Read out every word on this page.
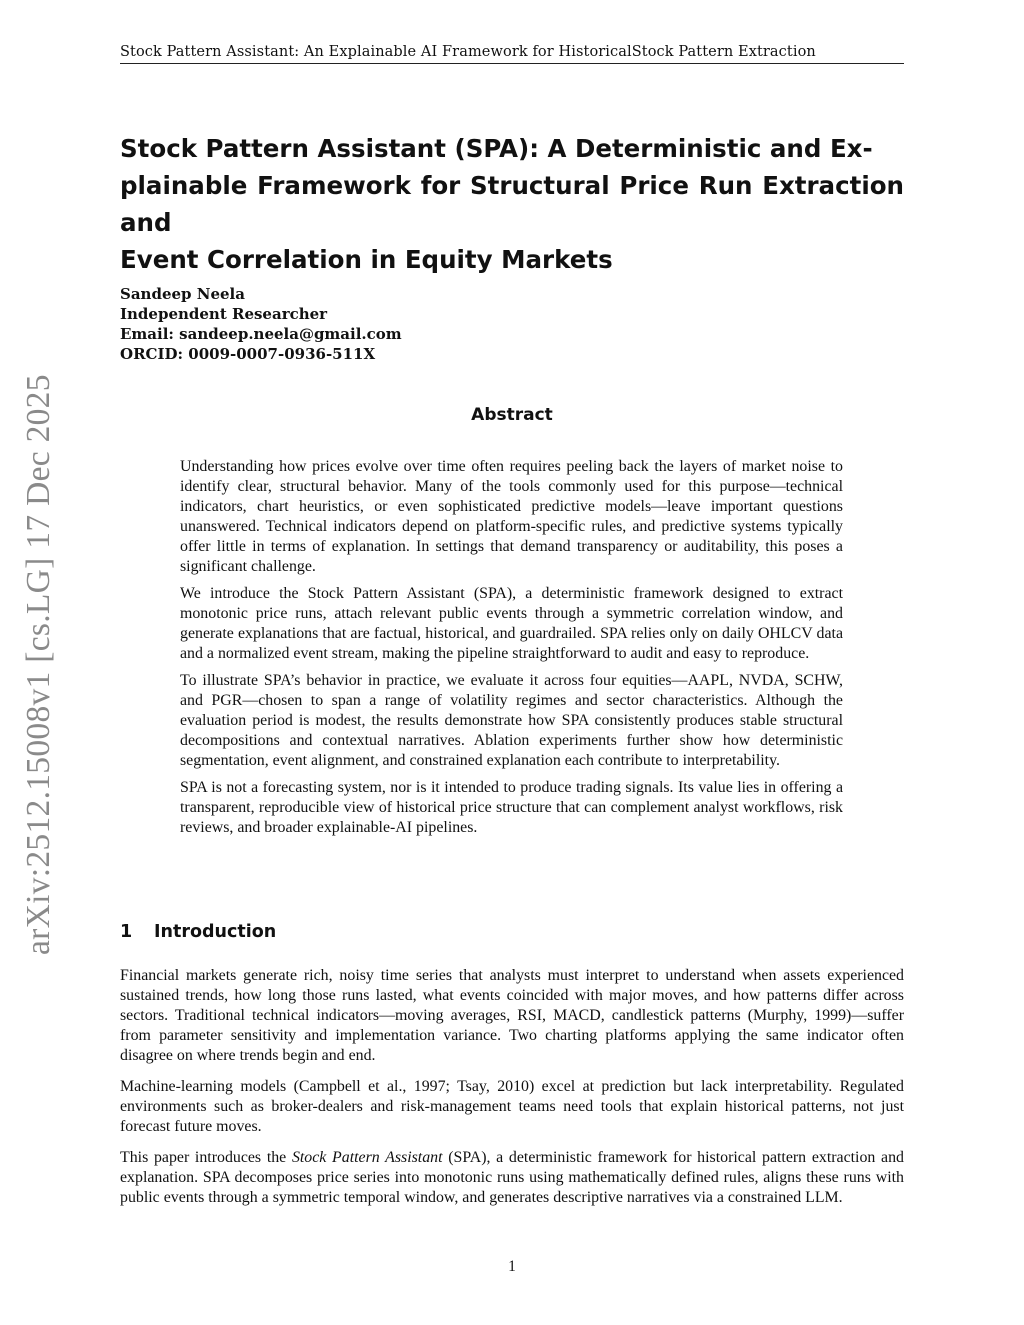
Stock Pattern Assistant: An Explainable AI Framework for HistoricalStock Pattern Extraction
Stock Pattern Assistant (SPA): A Deterministic and Ex-
plainable Framework for Structural Price Run Extraction and
Event Correlation in Equity Markets
Sandeep Neela
Independent Researcher
Email: sandeep.neela@gmail.com
ORCID: 0009-0007-0936-511X
arXiv:2512.15008v1 [cs.LG] 17 Dec 2025	Abstract

Understanding how prices evolve over time often requires peeling back the layers of market noise to identify clear, structural behavior. Many of the tools commonly used for this purpose—technical indicators, chart heuristics, or even sophisticated predictive models—leave important questions unanswered. Technical indicators depend on platform-specific rules, and predictive systems typically offer little in terms of explanation. In settings that demand transparency or auditability, this poses a significant challenge.

We introduce the Stock Pattern Assistant (SPA), a deterministic framework designed to extract monotonic price runs, attach relevant public events through a symmetric correlation window, and generate explanations that are factual, historical, and guardrailed. SPA relies only on daily OHLCV data and a normalized event stream, making the pipeline straightforward to audit and easy to reproduce.

To illustrate SPA’s behavior in practice, we evaluate it across four equities—AAPL, NVDA, SCHW, and PGR—chosen to span a range of volatility regimes and sector characteristics. Although the evaluation period is modest, the results demonstrate how SPA consistently produces stable structural decompositions and contextual narratives. Ablation experiments further show how deterministic segmentation, event alignment, and constrained explanation each contribute to interpretability.

SPA is not a forecasting system, nor is it intended to produce trading signals. Its value lies in offering a transparent, reproducible view of historical price structure that can complement analyst workflows, risk reviews, and broader explainable-AI pipelines.

1 Introduction

Financial markets generate rich, noisy time series that analysts must interpret to understand when assets experienced sustained trends, how long those runs lasted, what events coincided with major moves, and how patterns differ across sectors. Traditional technical indicators—moving averages, RSI, MACD, candlestick patterns (Murphy, 1999)—suffer from parameter sensitivity and implementation variance. Two charting platforms applying the same indicator often disagree on where trends begin and end.

Machine-learning models (Campbell et al., 1997; Tsay, 2010) excel at prediction but lack interpretability. Regulated environments such as broker-dealers and risk-management teams need tools that explain historical patterns, not just forecast future moves.

This paper introduces the Stock Pattern Assistant (SPA), a deterministic framework for historical pattern extraction and explanation. SPA decomposes price series into monotonic runs using mathematically defined rules, aligns these runs with public events through a symmetric temporal window, and generates descriptive narratives via a constrained LLM.

1
